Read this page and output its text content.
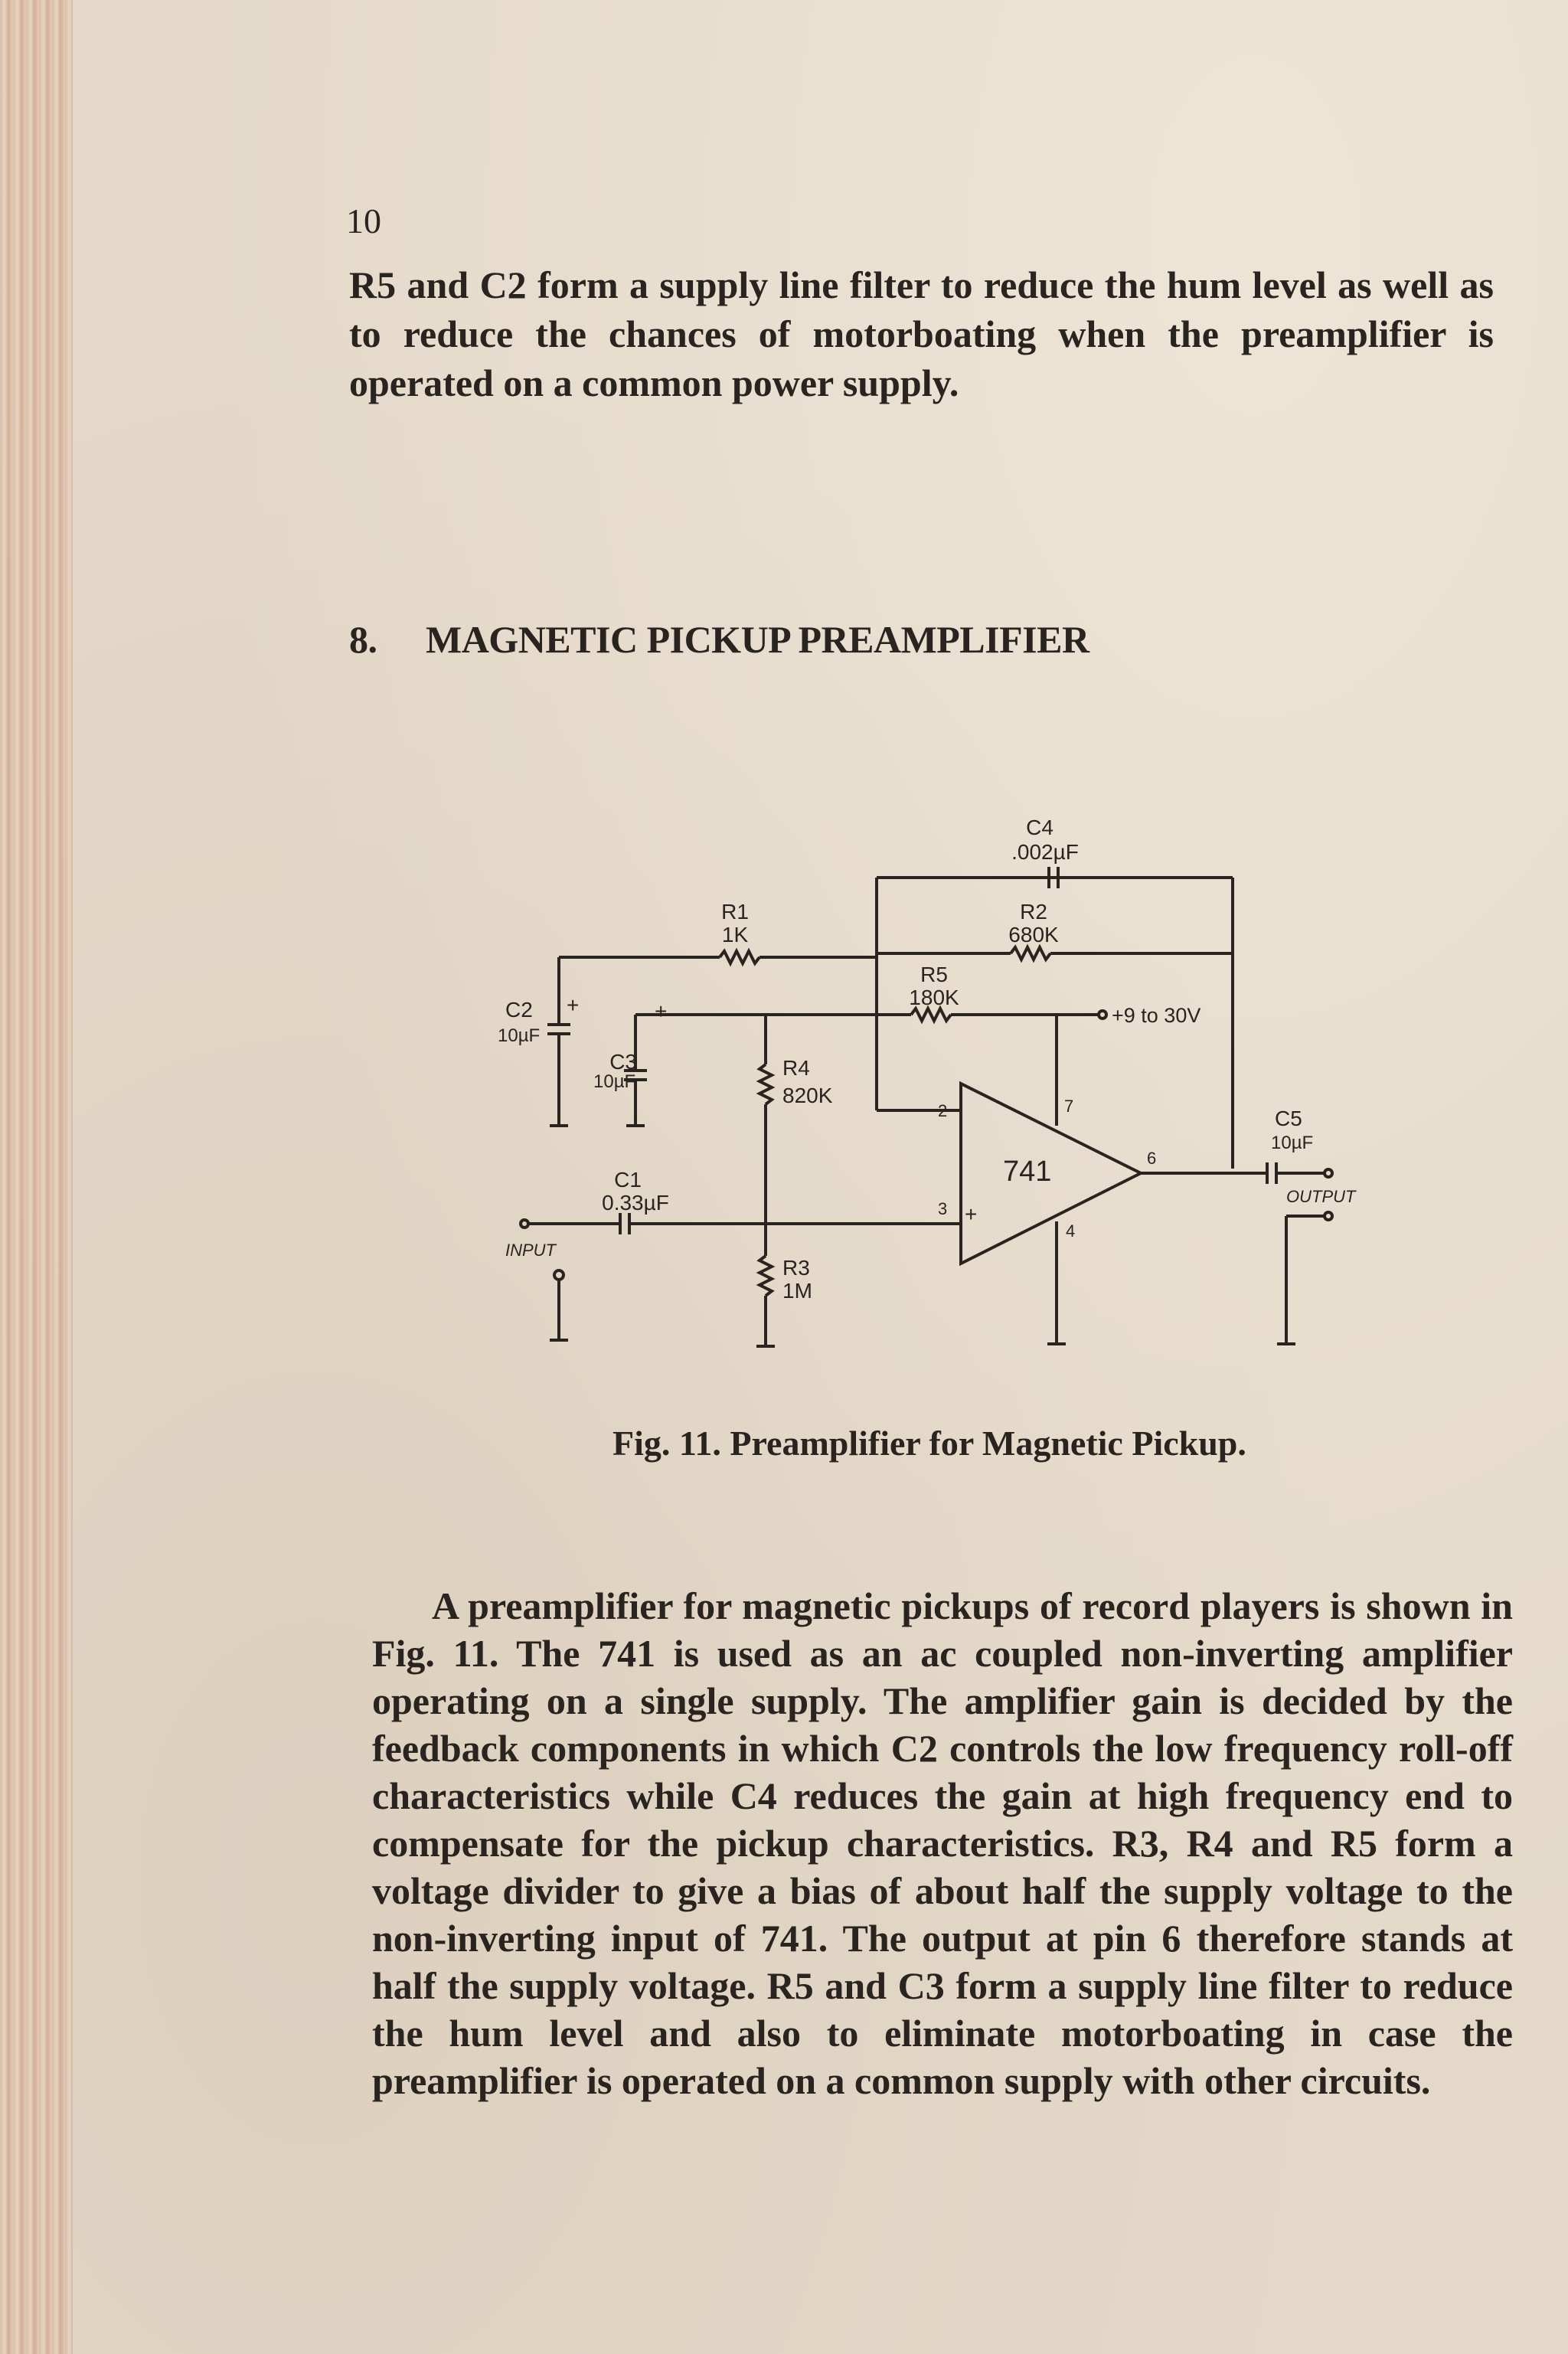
10

R5 and C2 form a supply line filter to reduce the hum level as well as to reduce the chances of motorboating when the preamplifier is operated on a common power supply.

8. MAGNETIC PICKUP PREAMPLIFIER
C4
.002µF
R2
680K
R1
1K
R5
180K
+9 to 30V
C2
10µF
+	+
C3
10µF
R4
820K
C1
0.33µF
INPUT
R3
1M
741
2
3 +
4
6
7
C5
10µF
OUTPUT
Fig. 11. Preamplifier for Magnetic Pickup.

A preamplifier for magnetic pickups of record players is shown in Fig. 11. The 741 is used as an ac coupled non-inverting amplifier operating on a single supply. The amplifier gain is decided by the feedback components in which C2 controls the low frequency roll-off characteristics while C4 reduces the gain at high frequency end to compensate for the pickup characteristics. R3, R4 and R5 form a voltage divider to give a bias of about half the supply voltage to the non-inverting input of 741. The output at pin 6 therefore stands at half the supply voltage. R5 and C3 form a supply line filter to reduce the hum level and also to eliminate motorboating in case the preamplifier is operated on a common supply with other circuits.
